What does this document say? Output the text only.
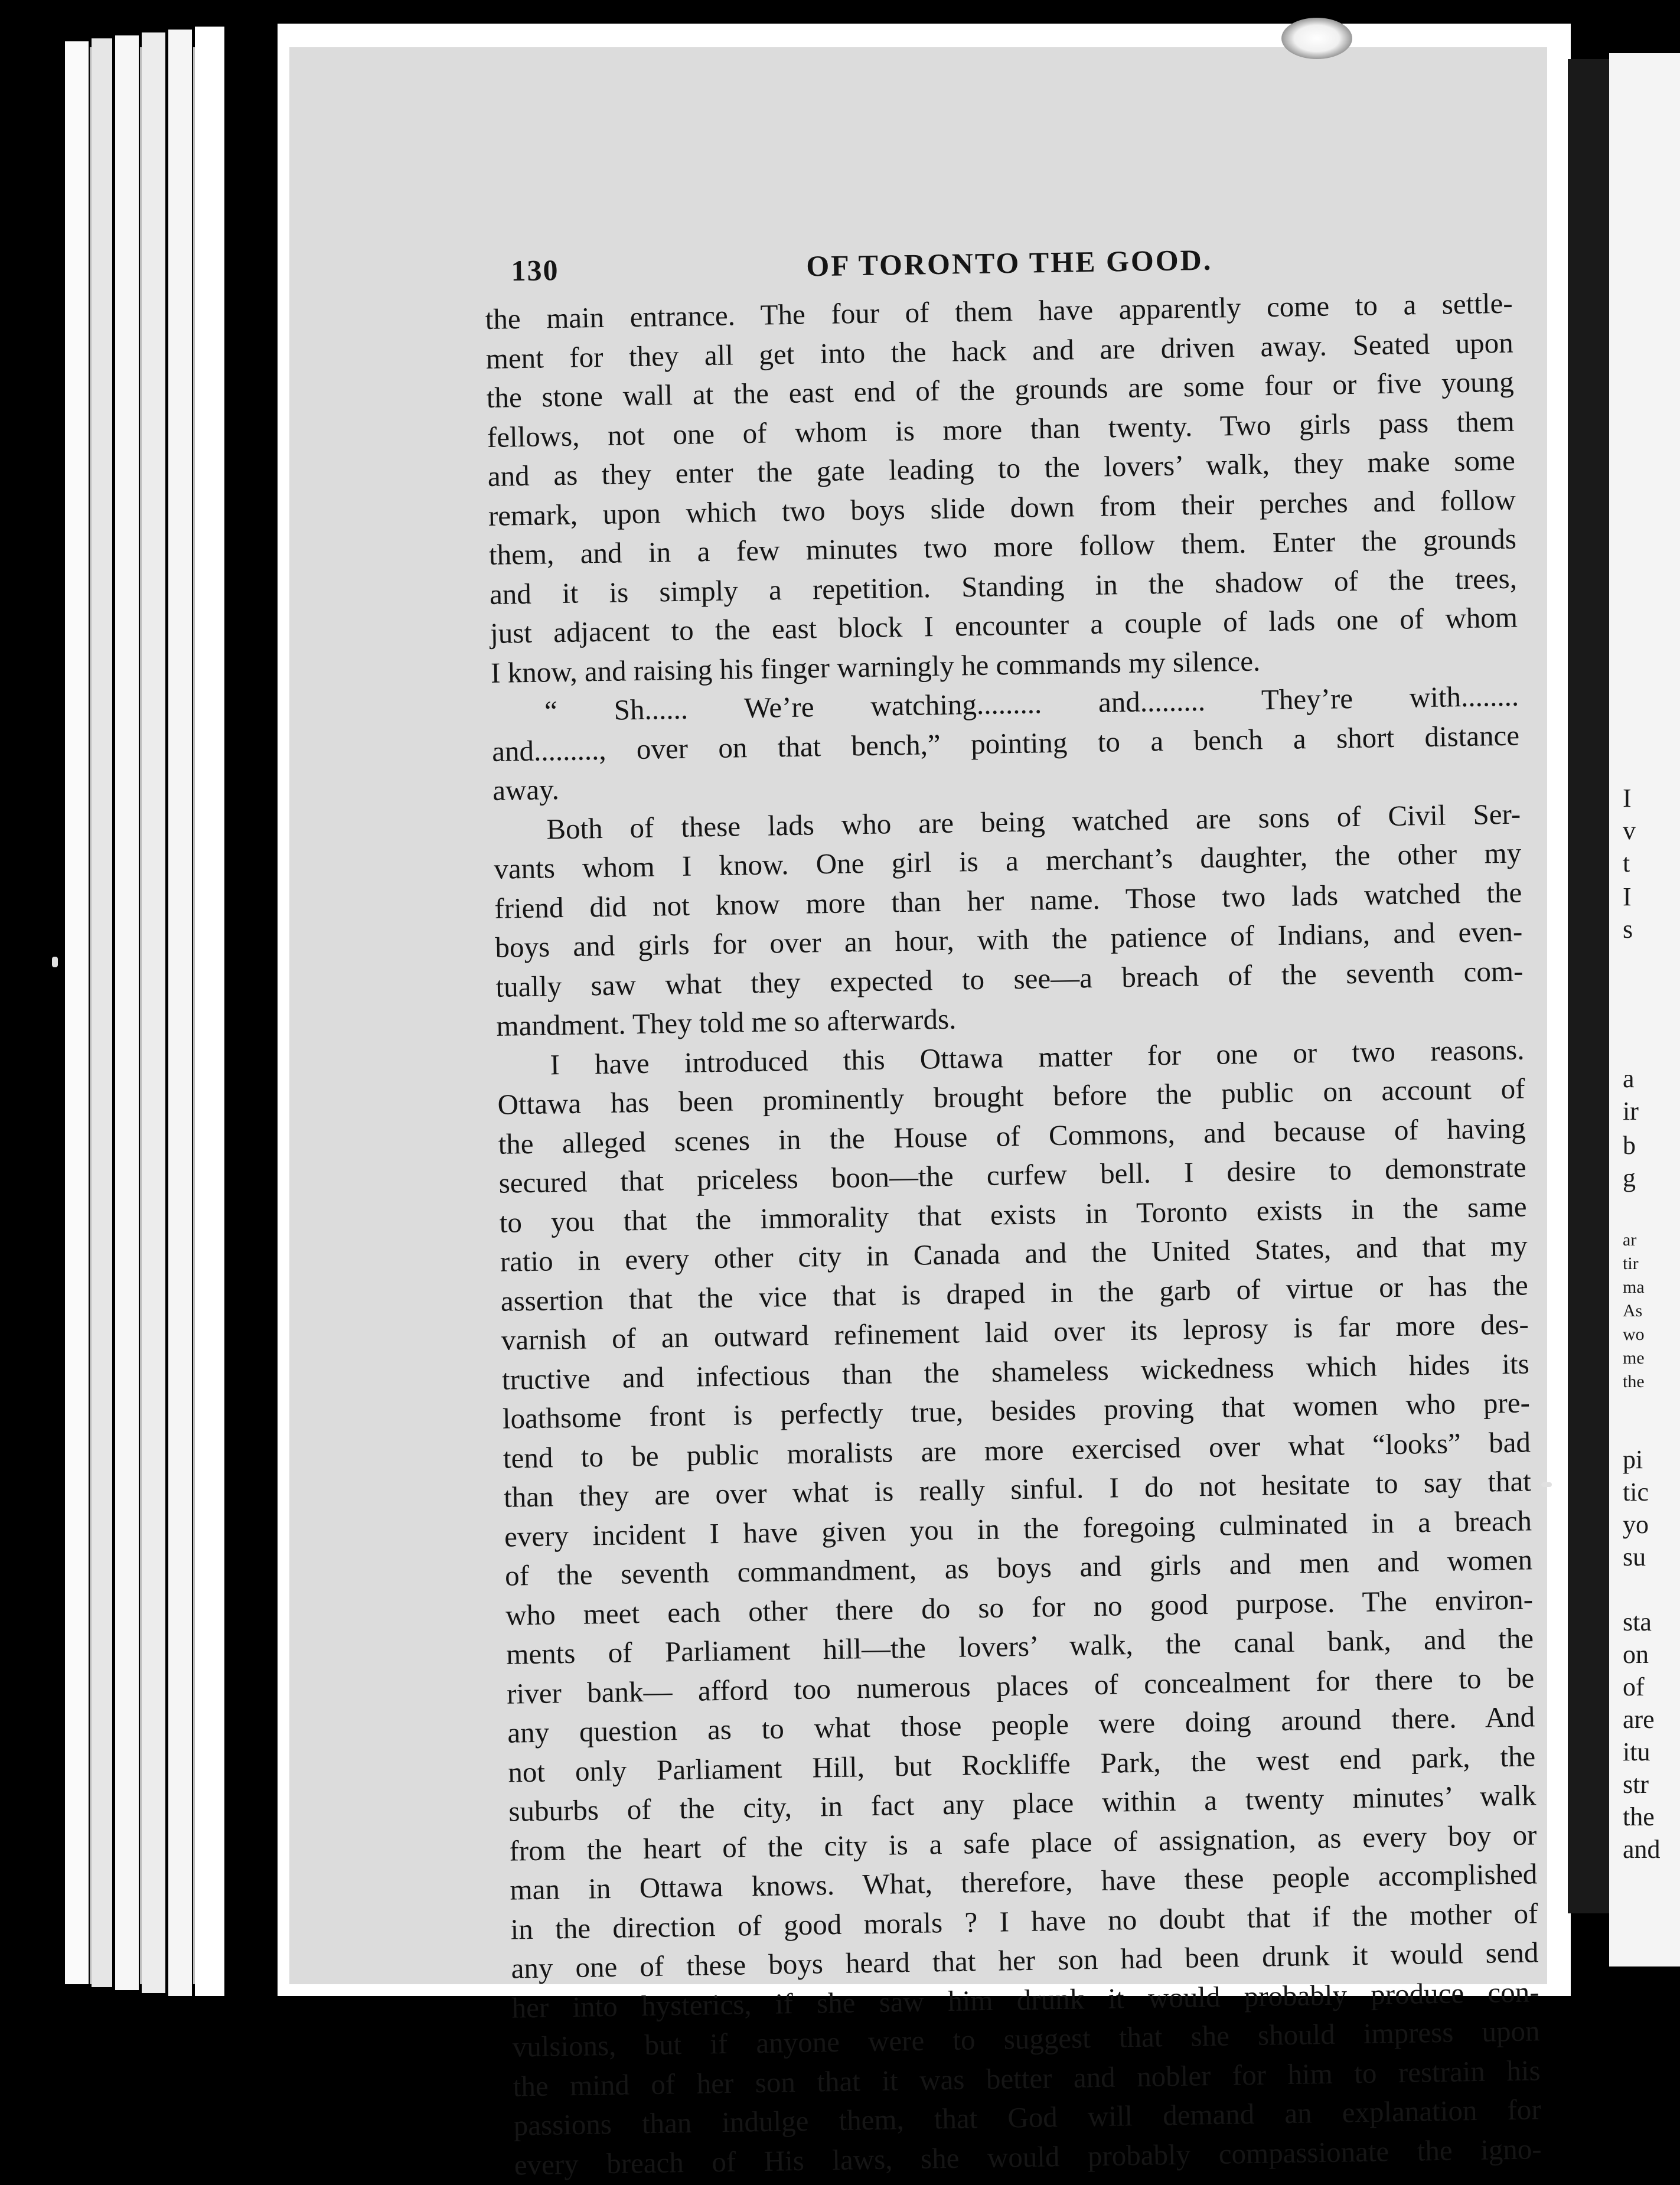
I
v
t
I
s
a
ir
b
g
ar
tir
ma
As
wo
me
the
pi
tic
yo
su
sta
on
of
are
itu
str
the
and
130	OF TORONTO THE GOOD.
the main entrance. The four of them have apparently come to a settle-
ment for they all get into the hack and are driven away. Seated upon
the stone wall at the east end of the grounds are some four or five young
fellows, not one of whom is more than twenty. Two girls pass them
and as they enter the gate leading to the lovers’ walk, they make some
remark, upon which two boys slide down from their perches and follow
them, and in a few minutes two more follow them. Enter the grounds
and it is simply a repetition. Standing in the shadow of the trees,
just adjacent to the east block I encounter a couple of lads one of whom
I know, and raising his finger warningly he commands my silence.
“ Sh...... We’re watching......... and......... They’re with........
and........., over on that bench,” pointing to a bench a short distance
away.
Both of these lads who are being watched are sons of Civil Ser-
vants whom I know. One girl is a merchant’s daughter, the other my
friend did not know more than her name. Those two lads watched the
boys and girls for over an hour, with the patience of Indians, and even-
tually saw what they expected to see—a breach of the seventh com-
mandment. They told me so afterwards.
I have introduced this Ottawa matter for one or two reasons.
Ottawa has been prominently brought before the public on account of
the alleged scenes in the House of Commons, and because of having
secured that priceless boon—the curfew bell. I desire to demonstrate
to you that the immorality that exists in Toronto exists in the same
ratio in every other city in Canada and the United States, and that my
assertion that the vice that is draped in the garb of virtue or has the
varnish of an outward refinement laid over its leprosy is far more des-
tructive and infectious than the shameless wickedness which hides its
loathsome front is perfectly true, besides proving that women who pre-
tend to be public moralists are more exercised over what “looks” bad
than they are over what is really sinful. I do not hesitate to say that
every incident I have given you in the foregoing culminated in a breach
of the seventh commandment, as boys and girls and men and women
who meet each other there do so for no good purpose. The environ-
ments of Parliament hill—the lovers’ walk, the canal bank, and the
river bank— afford too numerous places of concealment for there to be
any question as to what those people were doing around there. And
not only Parliament Hill, but Rockliffe Park, the west end park, the
suburbs of the city, in fact any place within a twenty minutes’ walk
from the heart of the city is a safe place of assignation, as every boy or
man in Ottawa knows. What, therefore, have these people accomplished
in the direction of good morals ? I have no doubt that if the mother of
any one of these boys heard that her son had been drunk it would send
her into hysterics, if she saw him drunk it would probably produce con-
vulsions, but if anyone were to suggest that she should impress upon
the mind of her son that it was better and nobler for him to restrain his
passions than indulge them, that God will demand an explanation for
every breach of His laws, she would probably compassionate the igno-
